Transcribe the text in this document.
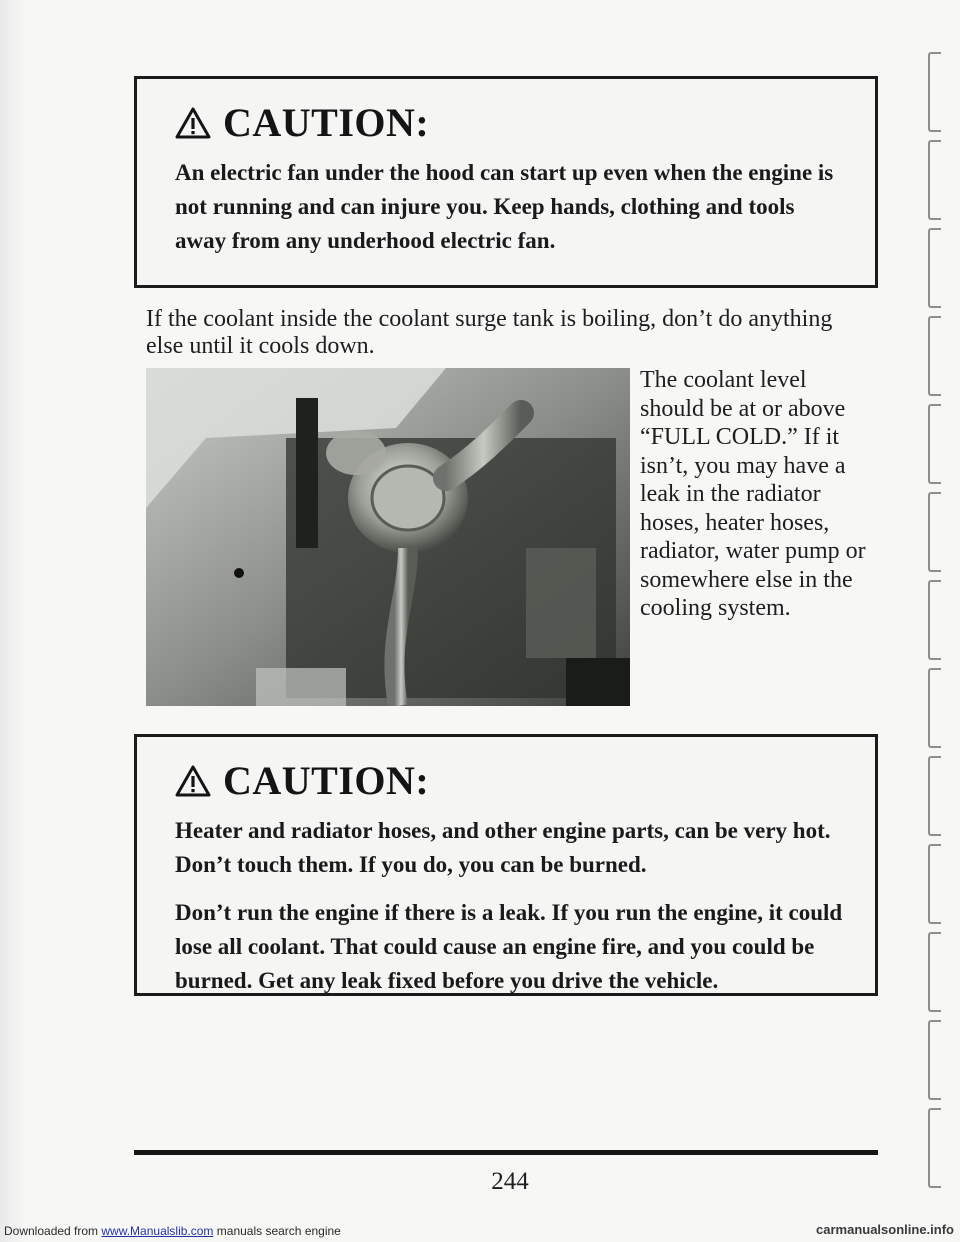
CAUTION:

An electric fan under the hood can start up even when the engine is not running and can injure you. Keep hands, clothing and tools away from any underhood electric fan.

If the coolant inside the coolant surge tank is boiling, don’t do anything else until it cools down.

The coolant level should be at or above “FULL COLD.” If it isn’t, you may have a leak in the radiator hoses, heater hoses, radiator, water pump or somewhere else in the cooling system.

CAUTION:

Heater and radiator hoses, and other engine parts, can be very hot. Don’t touch them. If you do, you can be burned.

Don’t run the engine if there is a leak. If you run the engine, it could lose all coolant. That could cause an engine fire, and you could be burned. Get any leak fixed before you drive the vehicle.

244
Downloaded from www.Manualslib.com manuals search engine	carmanualsonline.info
